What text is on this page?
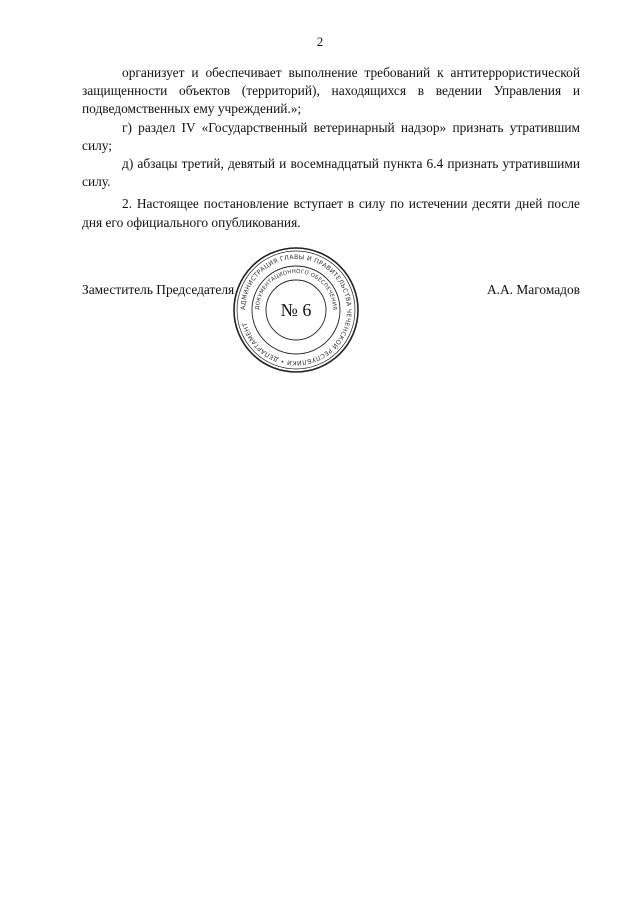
2

организует и обеспечивает выполнение требований к антитеррористической защищенности объектов (территорий), находящихся в ведении Управления и подведомственных ему учреждений.»;

г) раздел IV «Государственный ветеринарный надзор» признать утратившим силу;

д) абзацы третий, девятый и восемнадцатый пункта 6.4 признать утратившими силу.

2. Настоящее постановление вступает в силу по истечении десяти дней после дня его официального опубликования.

Заместитель Председателя	А.А. Магомадов
АДМИНИСТРАЦИЯ ГЛАВЫ И ПРАВИТЕЛЬСТВА ЧЕЧЕНСКОЙ РЕСПУБЛИКИ • ДЕПАРТАМЕНТ
ДОКУМЕНТАЦИОННОГО ОБЕСПЕЧЕНИЯ
№ 6
